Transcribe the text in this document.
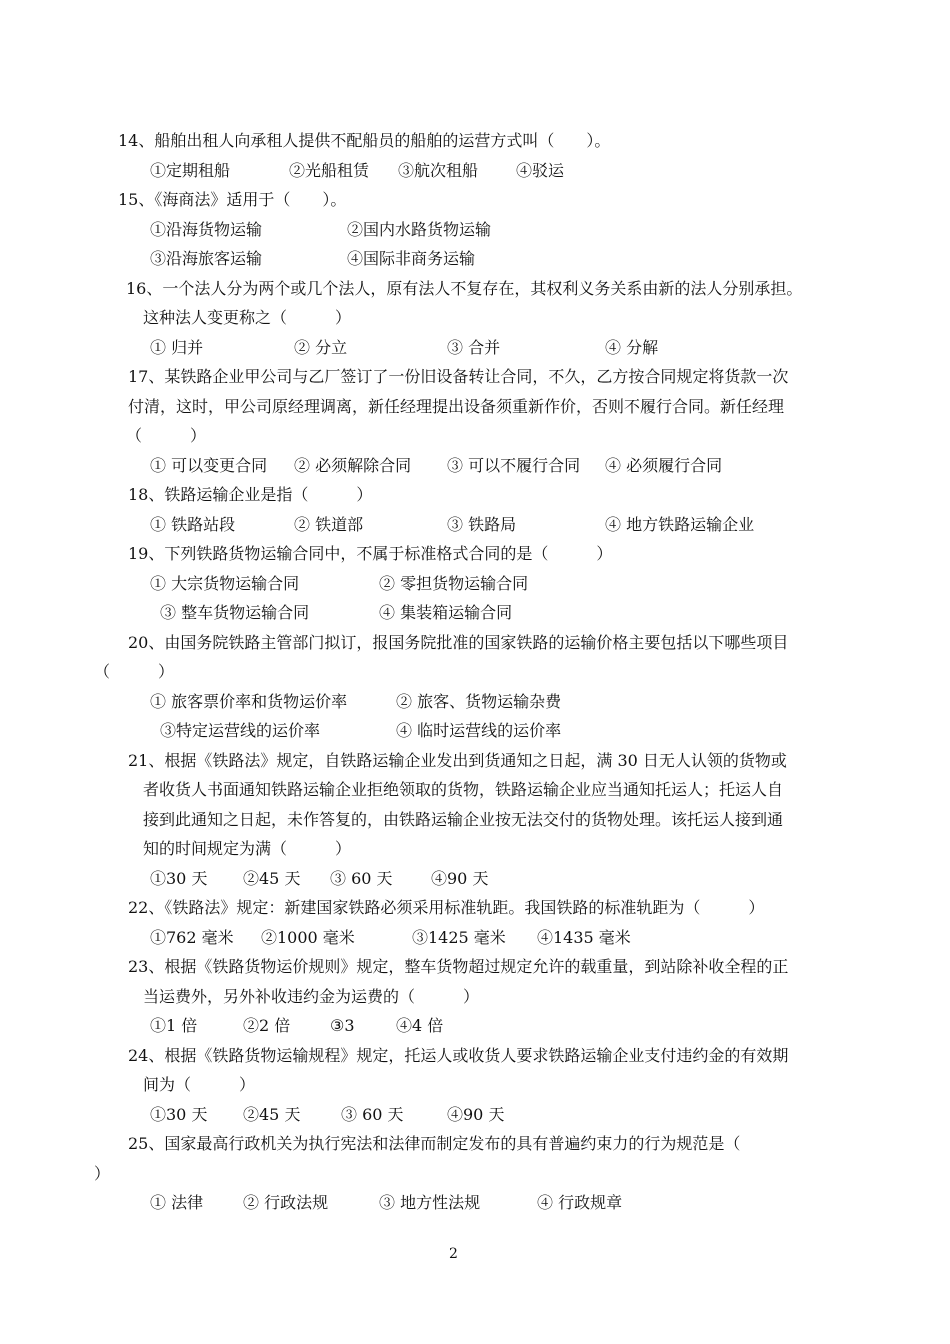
14、船舶出租人向承租人提供不配船员的船舶的运营方式叫（　　）。
①定期租船	②光船租赁 ③航次租船 ④驳运
15、《海商法》适用于（　　）。
①沿海货物运输	②国内水路货物运输
③沿海旅客运输	④国际非商务运输
16、一个法人分为两个或几个法人，原有法人不复存在，其权利义务关系由新的法人分别承担。
这种法人变更称之（　　　）
① 归并	② 分立	③ 合并	④ 分解
17、某铁路企业甲公司与乙厂签订了一份旧设备转让合同，不久，乙方按合同规定将货款一次
付清，这时，甲公司原经理调离，新任经理提出设备须重新作价，否则不履行合同。新任经理
（　　　）
① 可以变更合同 ② 必须解除合同 ③ 可以不履行合同 ④ 必须履行合同
18、铁路运输企业是指（　　　）
① 铁路站段	② 铁道部	③ 铁路局	④ 地方铁路运输企业
19、下列铁路货物运输合同中，不属于标准格式合同的是（　　　）
① 大宗货物运输合同	② 零担货物运输合同
③ 整车货物运输合同	④ 集装箱运输合同
20、由国务院铁路主管部门拟订，报国务院批准的国家铁路的运输价格主要包括以下哪些项目
（　　　）
① 旅客票价率和货物运价率	② 旅客、货物运输杂费
③特定运营线的运价率	④ 临时运营线的运价率
21、根据《铁路法》规定，自铁路运输企业发出到货通知之日起，满 30 日无人认领的货物或
者收货人书面通知铁路运输企业拒绝领取的货物，铁路运输企业应当通知托运人；托运人自
接到此通知之日起，未作答复的，由铁路运输企业按无法交付的货物处理。该托运人接到通
知的时间规定为满（　　　）
①30 天 ②45 天 ③ 60 天 ④90 天
22、《铁路法》规定：新建国家铁路必须采用标准轨距。我国铁路的标准轨距为（　　　）
①762 毫米 ②1000 毫米	③1425 毫米 ④1435 毫米
23、根据《铁路货物运价规则》规定，整车货物超过规定允许的载重量，到站除补收全程的正
当运费外，另外补收违约金为运费的（　　　）
①1 倍	②2 倍 ③3	④4 倍
24、根据《铁路货物运输规程》规定，托运人或收货人要求铁路运输企业支付违约金的有效期
间为（　　　）
①30 天 ②45 天	③ 60 天	④90 天
25、国家最高行政机关为执行宪法和法律而制定发布的具有普遍约束力的行为规范是（
）
① 法律 ② 行政法规	③ 地方性法规	④ 行政规章
2
